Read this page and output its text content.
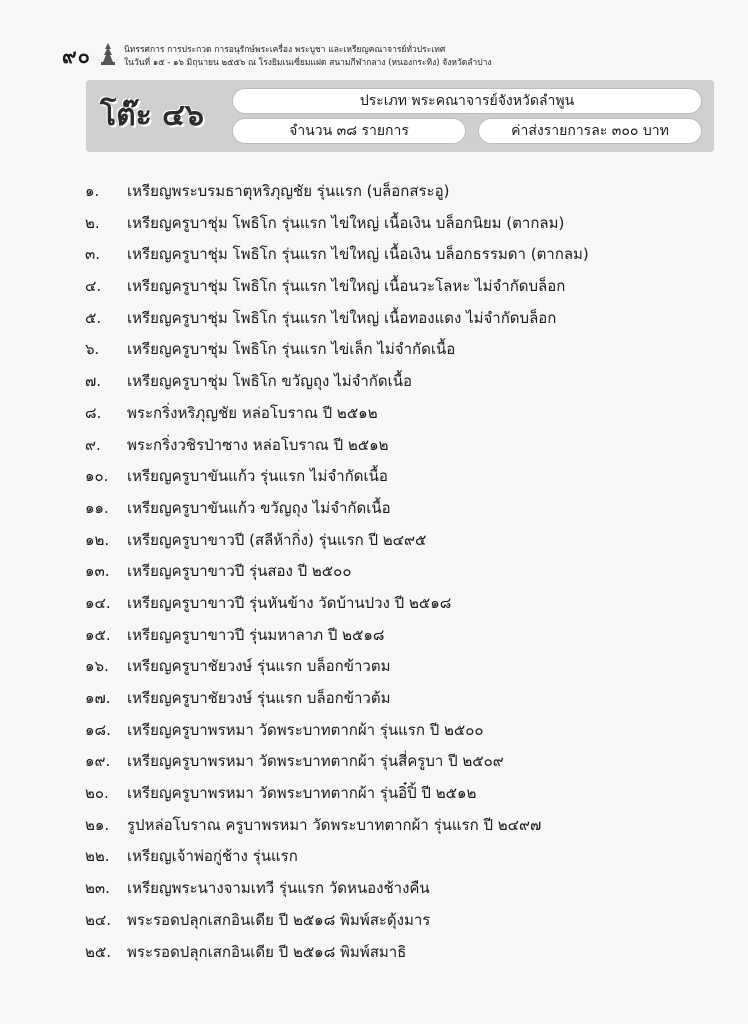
๙๐	นิทรรศการ การประกวด การอนุรักษ์พระเครื่อง พระบูชา และเหรียญคณาจารย์ทั่วประเทศ
ในวันที่ ๑๕ - ๑๖ มิถุนายน ๒๕๕๖ ณ โรงยิมเนเซี่ยมแฝด สนามกีฬากลาง (หนองกระทิง) จังหวัดลำปาง
โต๊ะ ๔๖	ประเภท พระคณาจารย์จังหวัดลำพูน
จำนวน ๓๘ รายการ	ค่าส่งรายการละ ๓๐๐ บาท
๑.	เหรียญพระบรมธาตุหริภุญชัย รุ่นแรก (บล็อกสระอู)
๒.	เหรียญครูบาชุ่ม โพธิโก รุ่นแรก ไข่ใหญ่ เนื้อเงิน บล็อกนิยม (ตากลม)
๓.	เหรียญครูบาชุ่ม โพธิโก รุ่นแรก ไข่ใหญ่ เนื้อเงิน บล็อกธรรมดา (ตากลม)
๔.	เหรียญครูบาชุ่ม โพธิโก รุ่นแรก ไข่ใหญ่ เนื้อนวะโลหะ ไม่จำกัดบล็อก
๕.	เหรียญครูบาชุ่ม โพธิโก รุ่นแรก ไข่ใหญ่ เนื้อทองแดง ไม่จำกัดบล็อก
๖.	เหรียญครูบาชุ่ม โพธิโก รุ่นแรก ไข่เล็ก ไม่จำกัดเนื้อ
๗.	เหรียญครูบาชุ่ม โพธิโก ขวัญถุง ไม่จำกัดเนื้อ
๘.	พระกริ่งหริภุญชัย หล่อโบราณ ปี ๒๕๑๒
๙.	พระกริ่งวชิรป่าซาง หล่อโบราณ ปี ๒๕๑๒
๑๐.	เหรียญครูบาขันแก้ว รุ่นแรก ไม่จำกัดเนื้อ
๑๑.	เหรียญครูบาขันแก้ว ขวัญถุง ไม่จำกัดเนื้อ
๑๒.	เหรียญครูบาขาวปี (สลีห้ากิ่ง) รุ่นแรก ปี ๒๔๙๕
๑๓.	เหรียญครูบาขาวปี รุ่นสอง ปี ๒๕๐๐
๑๔.	เหรียญครูบาขาวปี รุ่นหันข้าง วัดบ้านปวง ปี ๒๕๑๘
๑๕.	เหรียญครูบาขาวปี รุ่นมหาลาภ ปี ๒๕๑๘
๑๖.	เหรียญครูบาชัยวงษ์ รุ่นแรก บล็อกข้าวตม
๑๗.	เหรียญครูบาชัยวงษ์ รุ่นแรก บล็อกข้าวต้ม
๑๘.	เหรียญครูบาพรหมา วัดพระบาทตากผ้า รุ่นแรก ปี ๒๕๐๐
๑๙.	เหรียญครูบาพรหมา วัดพระบาทตากผ้า รุ่นสี่ครูบา ปี ๒๕๐๙
๒๐.	เหรียญครูบาพรหมา วัดพระบาทตากผ้า รุ่นอิ๋ปิ้ ปี ๒๕๑๒
๒๑.	รูปหล่อโบราณ ครูบาพรหมา วัดพระบาทตากผ้า รุ่นแรก ปี ๒๔๙๗
๒๒.	เหรียญเจ้าพ่อกู่ช้าง รุ่นแรก
๒๓.	เหรียญพระนางจามเทวี รุ่นแรก วัดหนองช้างคืน
๒๔.	พระรอดปลุกเสกอินเดีย ปี ๒๕๑๘ พิมพ์สะดุ้งมาร
๒๕.	พระรอดปลุกเสกอินเดีย ปี ๒๕๑๘ พิมพ์สมาธิ
